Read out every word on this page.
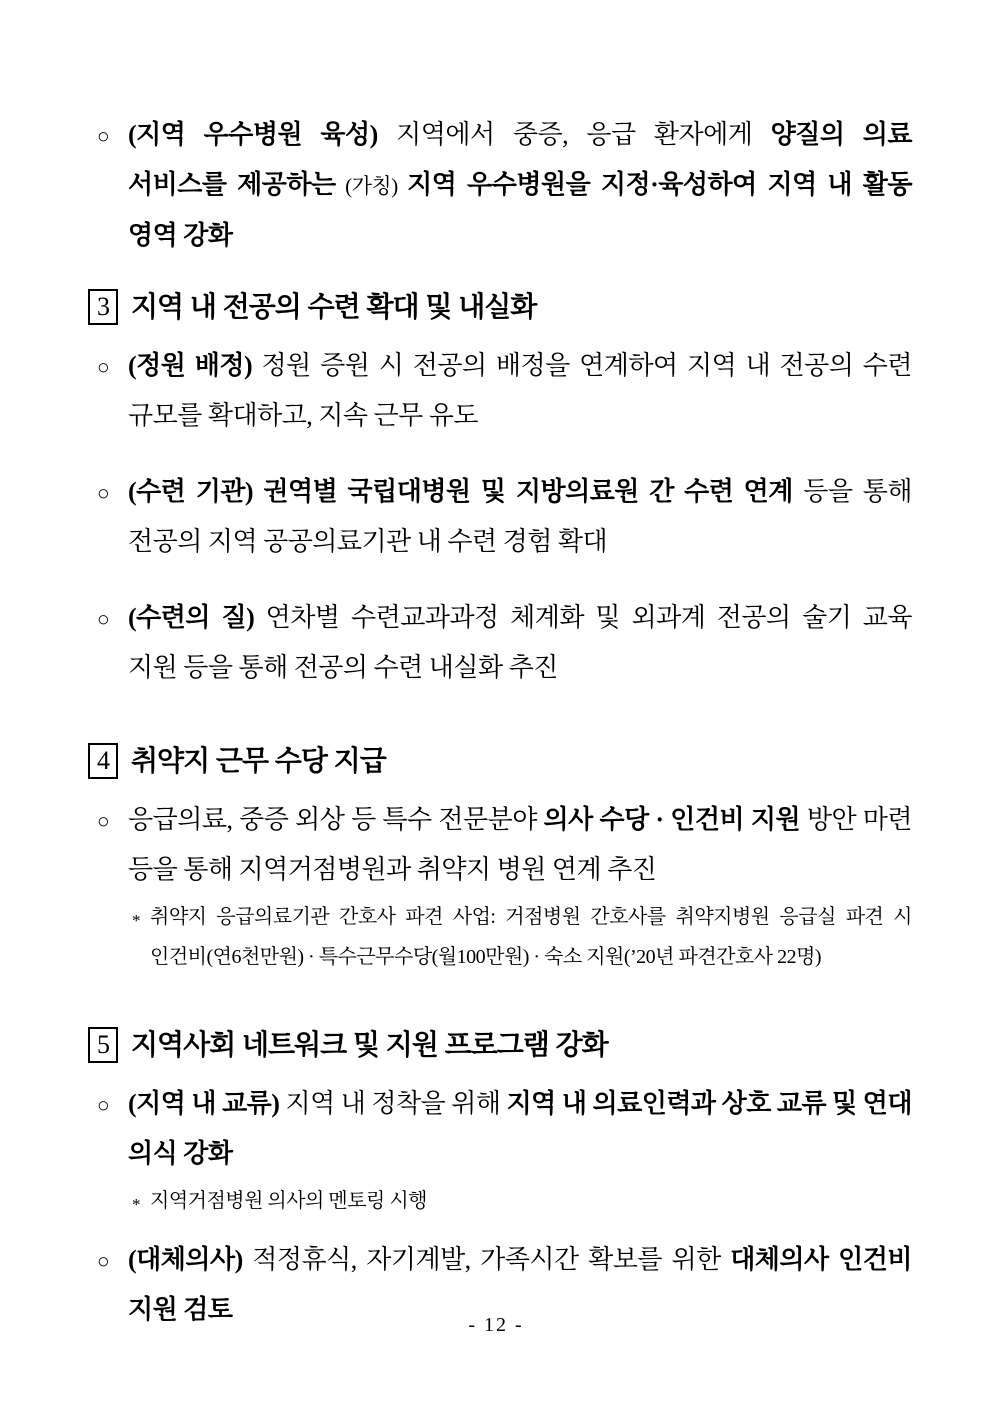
○ (지역 우수병원 육성) 지역에서 중증, 응급 환자에게 양질의 의료 서비스를 제공하는 (가칭) 지역 우수병원을 지정·육성하여 지역 내 활동 영역 강화

3 지역 내 전공의 수련 확대 및 내실화

○ (정원 배정) 정원 증원 시 전공의 배정을 연계하여 지역 내 전공의 수련 규모를 확대하고, 지속 근무 유도

○ (수련 기관) 권역별 국립대병원 및 지방의료원 간 수련 연계 등을 통해 전공의 지역 공공의료기관 내 수련 경험 확대

○ (수련의 질) 연차별 수련교과과정 체계화 및 외과계 전공의 술기 교육 지원 등을 통해 전공의 수련 내실화 추진

4 취약지 근무 수당 지급

○ 응급의료, 중증 외상 등 특수 전문분야 의사 수당 · 인건비 지원 방안 마련 등을 통해 지역거점병원과 취약지 병원 연계 추진

* 취약지 응급의료기관 간호사 파견 사업: 거점병원 간호사를 취약지병원 응급실 파견 시 인건비(연6천만원) · 특수근무수당(월100만원) · 숙소 지원(’20년 파견간호사 22명)

5 지역사회 네트워크 및 지원 프로그램 강화

○ (지역 내 교류) 지역 내 정착을 위해 지역 내 의료인력과 상호 교류 및 연대 의식 강화

* 지역거점병원 의사의 멘토링 시행

○ (대체의사) 적정휴식, 자기계발, 가족시간 확보를 위한 대체의사 인건비 지원 검토

- 12 -
